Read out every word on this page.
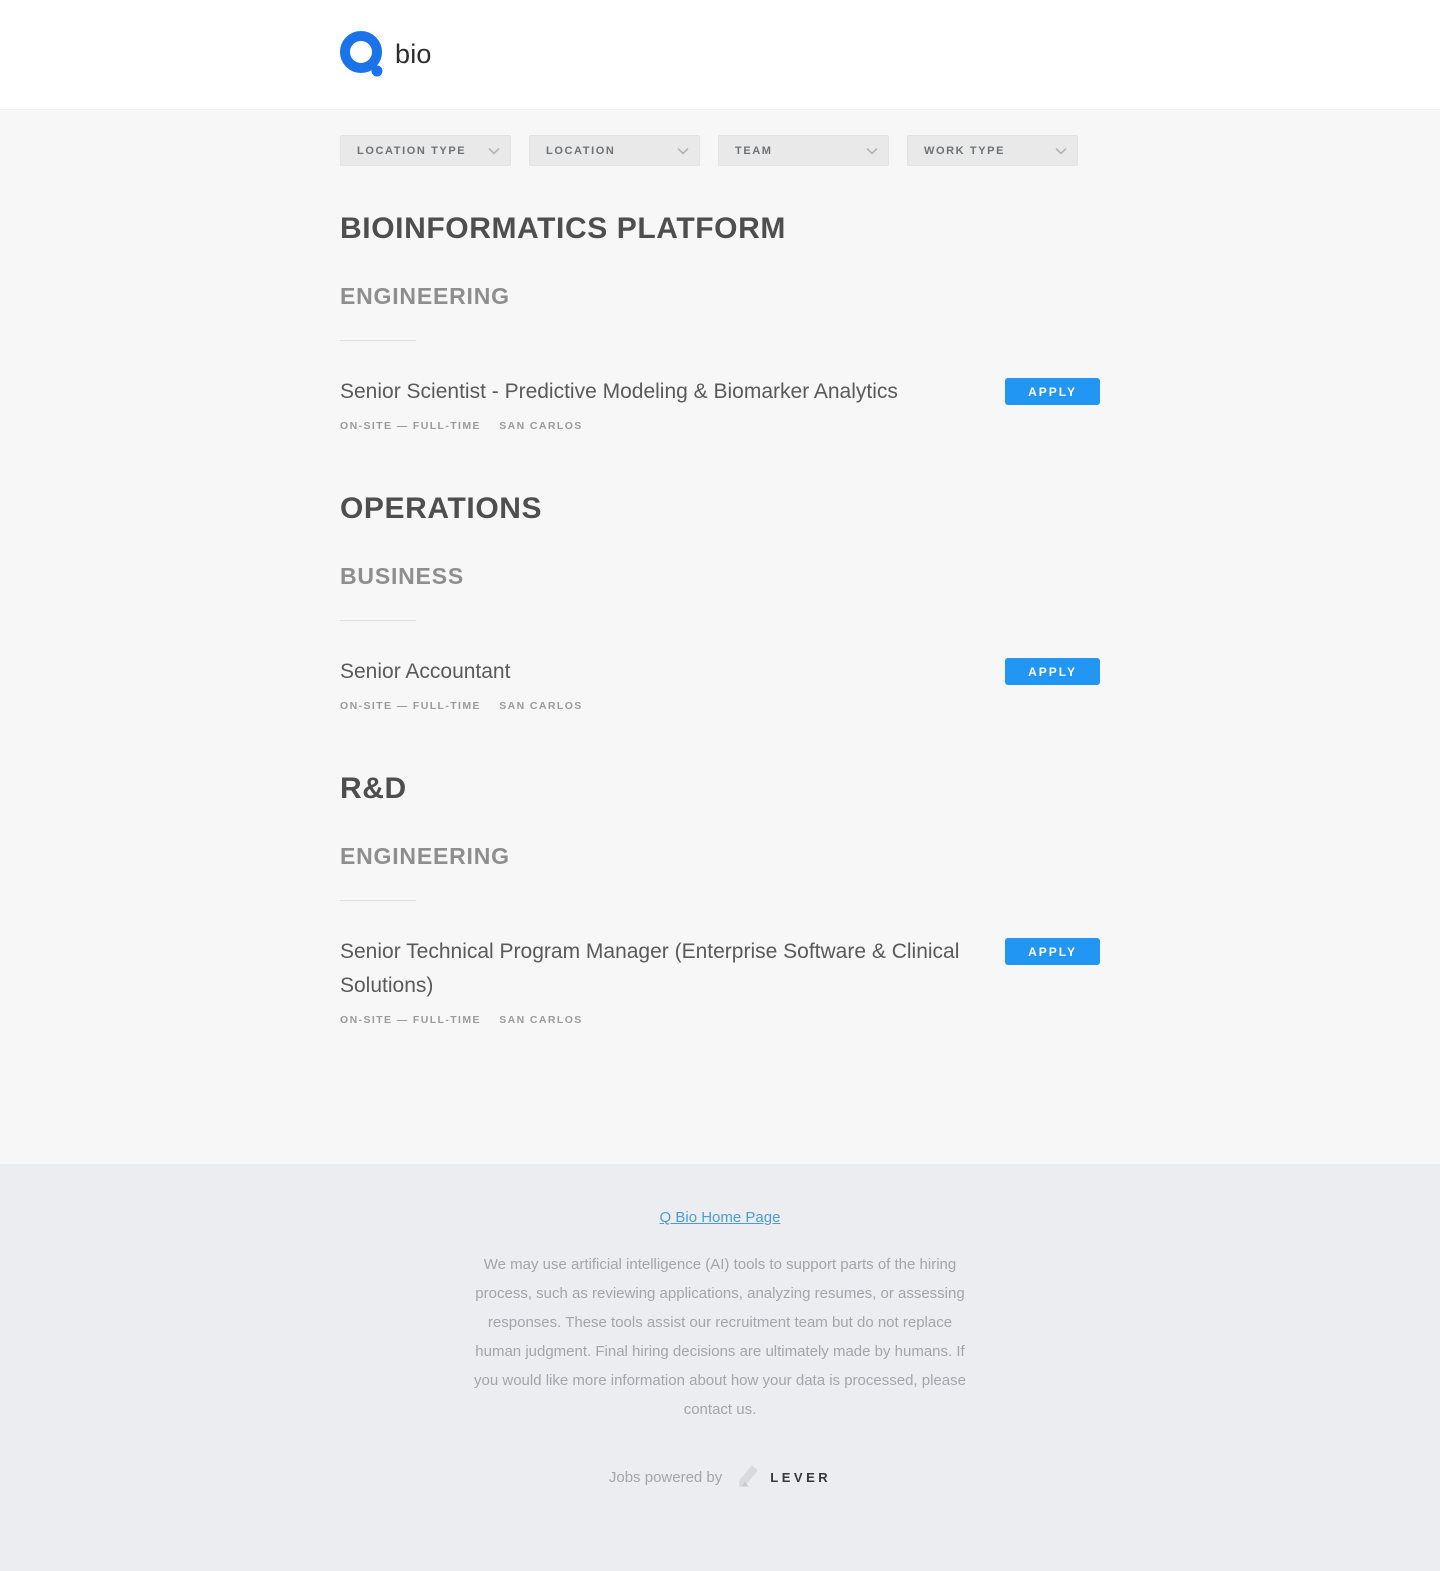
bio
LOCATION TYPE	LOCATION	TEAM	WORK TYPE
BIOINFORMATICS PLATFORM
ENGINEERING
Senior Scientist - Predictive Modeling & Biomarker Analytics
ON-SITE — FULL-TIME SAN CARLOS
APPLY
OPERATIONS
BUSINESS
Senior Accountant
ON-SITE — FULL-TIME SAN CARLOS
APPLY
R&D
ENGINEERING
Senior Technical Program Manager (Enterprise Software & Clinical Solutions)
ON-SITE — FULL-TIME SAN CARLOS
APPLY
Q Bio Home Page

We may use artificial intelligence (AI) tools to support parts of the hiring process, such as reviewing applications, analyzing resumes, or assessing responses. These tools assist our recruitment team but do not replace human judgment. Final hiring decisions are ultimately made by humans. If you would like more information about how your data is processed, please contact us.

Jobs powered by	LEVER
